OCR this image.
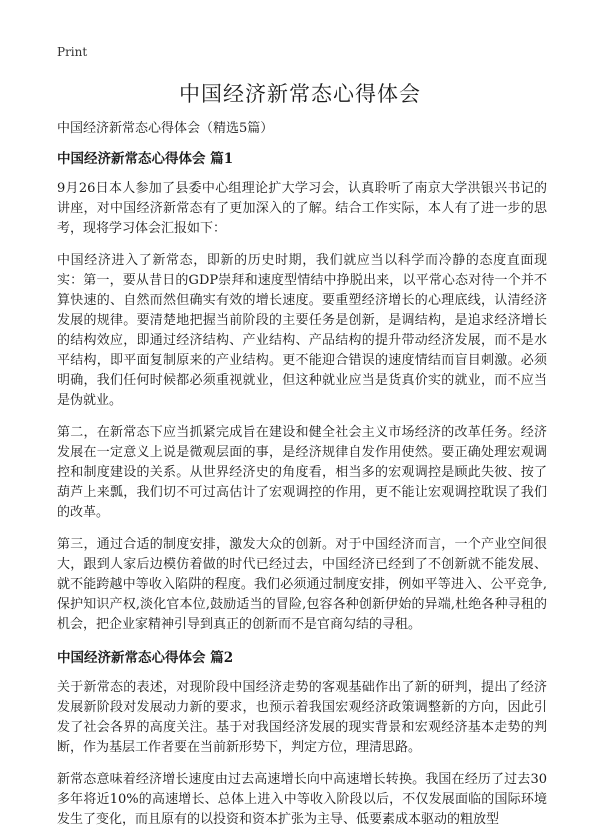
Print
中国经济新常态心得体会
中国经济新常态心得体会（精选5篇）
中国经济新常态心得体会 篇1

9月26日本人参加了县委中心组理论扩大学习会，认真聆听了南京大学洪银兴书记的讲座，对中国经济新常态有了更加深入的了解。结合工作实际，本人有了进一步的思考，现将学习体会汇报如下：

中国经济进入了新常态，即新的历史时期，我们就应当以科学而冷静的态度直面现实：第一，要从昔日的GDP崇拜和速度型情结中挣脱出来，以平常心态对待一个并不算快速的、自然而然但确实有效的增长速度。要重塑经济增长的心理底线，认清经济发展的规律。要清楚地把握当前阶段的主要任务是创新，是调结构，是追求经济增长的结构效应，即通过经济结构、产业结构、产品结构的提升带动经济发展，而不是水平结构，即平面复制原来的产业结构。更不能迎合错误的速度情结而盲目刺激。必须明确，我们任何时候都必须重视就业，但这种就业应当是货真价实的就业，而不应当是伪就业。

第二，在新常态下应当抓紧完成旨在建设和健全社会主义市场经济的改革任务。经济发展在一定意义上说是微观层面的事，是经济规律自发作用使然。要正确处理宏观调控和制度建设的关系。从世界经济史的角度看，相当多的宏观调控是顾此失彼、按了葫芦上来瓢，我们切不可过高估计了宏观调控的作用，更不能让宏观调控耽误了我们的改革。

第三，通过合适的制度安排，激发大众的创新。对于中国经济而言，一个产业空间很大，跟到人家后边模仿着做的时代已经过去，中国经济已经到了不创新就不能发展、就不能跨越中等收入陷阱的程度。我们必须通过制度安排，例如平等进入、公平竞争,保护知识产权,淡化官本位,鼓励适当的冒险,包容各种创新伊始的异端,杜绝各种寻租的机会，把企业家精神引导到真正的创新而不是官商勾结的寻租。

中国经济新常态心得体会 篇2

关于新常态的表述，对现阶段中国经济走势的客观基础作出了新的研判，提出了经济发展新阶段对发展动力新的要求，也预示着我国宏观经济政策调整新的方向，因此引发了社会各界的高度关注。基于对我国经济发展的现实背景和宏观经济基本走势的判断，作为基层工作者要在当前新形势下，判定方位，理清思路。

新常态意味着经济增长速度由过去高速增长向中高速增长转换。我国在经历了过去30多年将近10%的高速增长、总体上进入中等收入阶段以后，不仅发展面临的国际环境发生了变化，而且原有的以投资和资本扩张为主导、低要素成本驱动的粗放型
